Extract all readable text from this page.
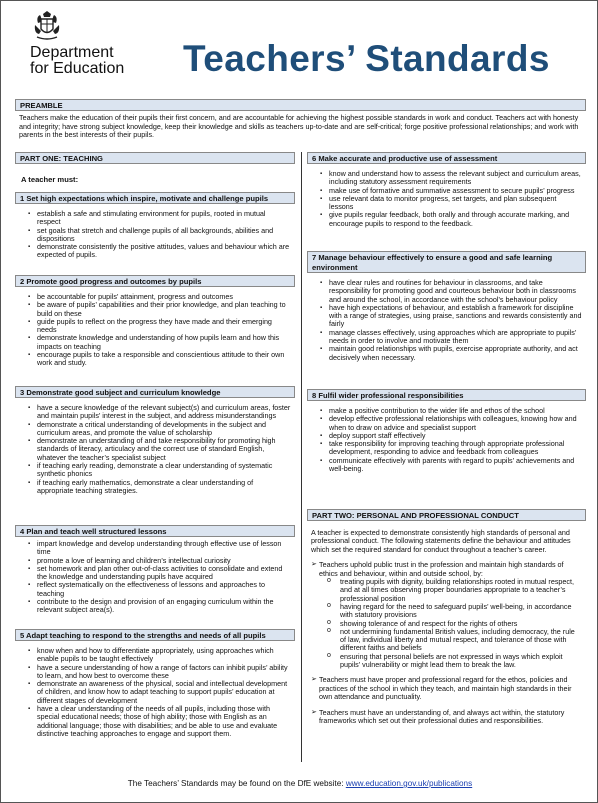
Department
for Education Teachers’ Standards
PREAMBLE
Teachers make the education of their pupils their first concern, and are accountable for achieving the highest possible standards in work and conduct. Teachers act with honesty and integrity; have strong subject knowledge, keep their knowledge and skills as teachers up-to-date and are self-critical; forge positive professional relationships; and work with parents in the best interests of their pupils.
PART ONE: TEACHING
A teacher must:
1 Set high expectations which inspire, motivate and challenge pupils
▪ establish a safe and stimulating environment for pupils, rooted in mutual respect
▪ set goals that stretch and challenge pupils of all backgrounds, abilities and dispositions
▪ demonstrate consistently the positive attitudes, values and behaviour which are expected of pupils.
2 Promote good progress and outcomes by pupils
▪ be accountable for pupils’ attainment, progress and outcomes
▪ be aware of pupils’ capabilities and their prior knowledge, and plan teaching to build on these
▪ guide pupils to reflect on the progress they have made and their emerging needs
▪ demonstrate knowledge and understanding of how pupils learn and how this impacts on teaching
▪ encourage pupils to take a responsible and conscientious attitude to their own work and study.
3 Demonstrate good subject and curriculum knowledge
▪ have a secure knowledge of the relevant subject(s) and curriculum areas, foster and maintain pupils’ interest in the subject, and address misunderstandings
▪ demonstrate a critical understanding of developments in the subject and curriculum areas, and promote the value of scholarship
▪ demonstrate an understanding of and take responsibility for promoting high standards of literacy, articulacy and the correct use of standard English, whatever the teacher’s specialist subject
▪ if teaching early reading, demonstrate a clear understanding of systematic synthetic phonics
▪ if teaching early mathematics, demonstrate a clear understanding of appropriate teaching strategies.
4 Plan and teach well structured lessons
▪ impart knowledge and develop understanding through effective use of lesson time
▪ promote a love of learning and children’s intellectual curiosity
▪ set homework and plan other out-of-class activities to consolidate and extend the knowledge and understanding pupils have acquired
▪ reflect systematically on the effectiveness of lessons and approaches to teaching
▪ contribute to the design and provision of an engaging curriculum within the relevant subject area(s).
5 Adapt teaching to respond to the strengths and needs of all pupils
▪ know when and how to differentiate appropriately, using approaches which enable pupils to be taught effectively
▪ have a secure understanding of how a range of factors can inhibit pupils’ ability to learn, and how best to overcome these
▪ demonstrate an awareness of the physical, social and intellectual development of children, and know how to adapt teaching to support pupils’ education at different stages of development
▪ have a clear understanding of the needs of all pupils, including those with special educational needs; those of high ability; those with English as an additional language; those with disabilities; and be able to use and evaluate distinctive teaching approaches to engage and support them.
6 Make accurate and productive use of assessment
▪ know and understand how to assess the relevant subject and curriculum areas, including statutory assessment requirements
▪ make use of formative and summative assessment to secure pupils’ progress
▪ use relevant data to monitor progress, set targets, and plan subsequent lessons
▪ give pupils regular feedback, both orally and through accurate marking, and encourage pupils to respond to the feedback.
7 Manage behaviour effectively to ensure a good and safe learning environment
▪ have clear rules and routines for behaviour in classrooms, and take responsibility for promoting good and courteous behaviour both in classrooms and around the school, in accordance with the school’s behaviour policy
▪ have high expectations of behaviour, and establish a framework for discipline with a range of strategies, using praise, sanctions and rewards consistently and fairly
▪ manage classes effectively, using approaches which are appropriate to pupils’ needs in order to involve and motivate them
▪ maintain good relationships with pupils, exercise appropriate authority, and act decisively when necessary.
8 Fulfil wider professional responsibilities
▪ make a positive contribution to the wider life and ethos of the school
▪ develop effective professional relationships with colleagues, knowing how and when to draw on advice and specialist support
▪ deploy support staff effectively
▪ take responsibility for improving teaching through appropriate professional development, responding to advice and feedback from colleagues
▪ communicate effectively with parents with regard to pupils’ achievements and well-being.
PART TWO: PERSONAL AND PROFESSIONAL CONDUCT
A teacher is expected to demonstrate consistently high standards of personal and professional conduct. The following statements define the behaviour and attitudes which set the required standard for conduct throughout a teacher’s career.
➢ Teachers uphold public trust in the profession and maintain high standards of ethics and behaviour, within and outside school, by:
o treating pupils with dignity, building relationships rooted in mutual respect, and at all times observing proper boundaries appropriate to a teacher’s professional position
o having regard for the need to safeguard pupils’ well-being, in accordance with statutory provisions
o showing tolerance of and respect for the rights of others
o not undermining fundamental British values, including democracy, the rule of law, individual liberty and mutual respect, and tolerance of those with different faiths and beliefs
o ensuring that personal beliefs are not expressed in ways which exploit pupils’ vulnerability or might lead them to break the law.
➢ Teachers must have proper and professional regard for the ethos, policies and practices of the school in which they teach, and maintain high standards in their own attendance and punctuality.
➢ Teachers must have an understanding of, and always act within, the statutory frameworks which set out their professional duties and responsibilities.
The Teachers’ Standards may be found on the DfE website: www.education.gov.uk/publications
